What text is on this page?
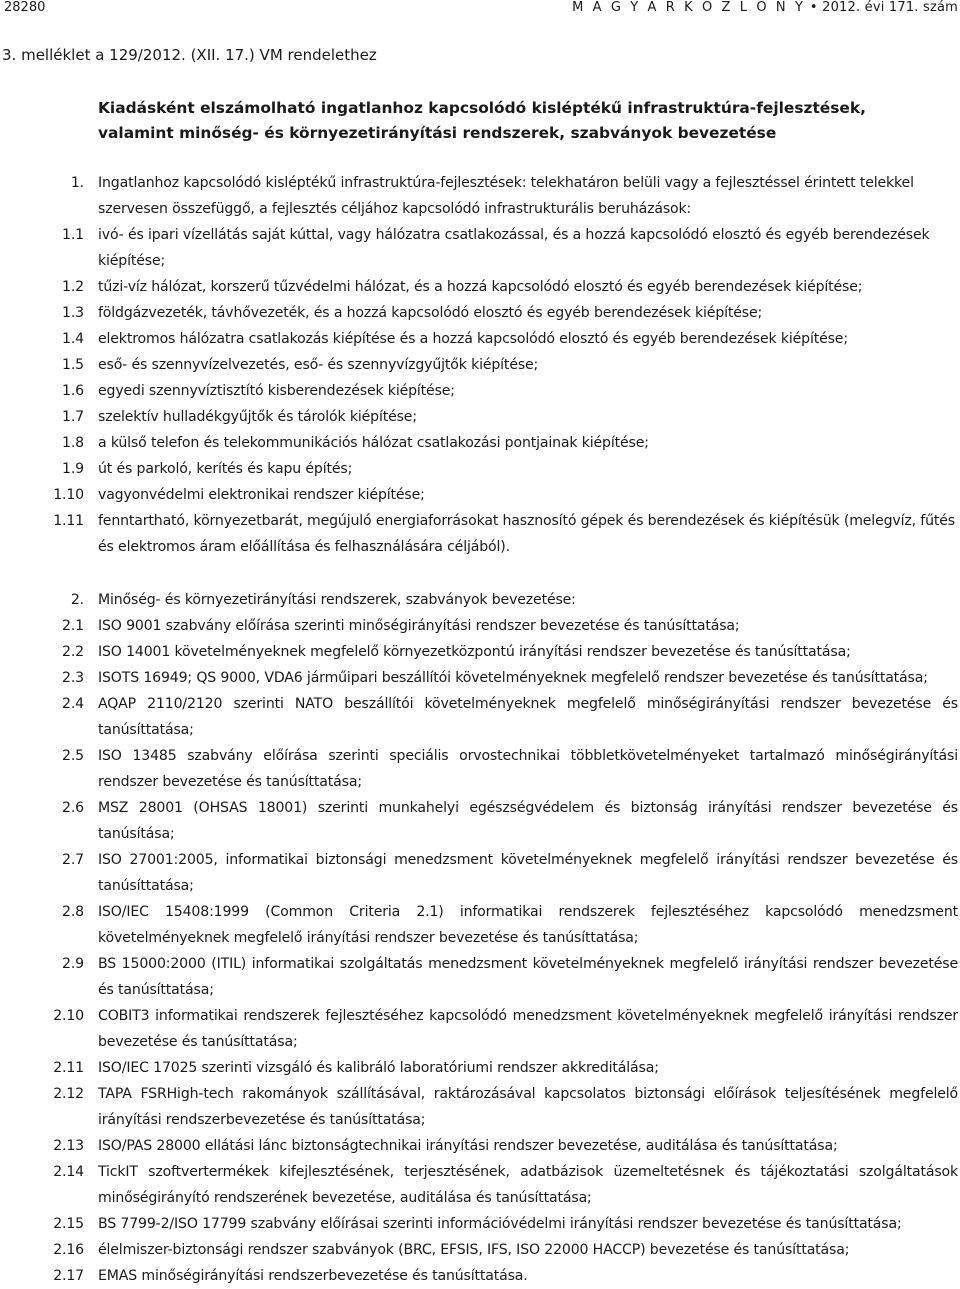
28280	M A G Y A R K Ö Z L Ö N Y • 2012. évi 171. szám
3. melléklet a 129/2012. (XII. 17.) VM rendelethez
Kiadásként elszámolható ingatlanhoz kapcsolódó kisléptékű infrastruktúra-fejlesztések, valamint minőség- és környezetirányítási rendszerek, szabványok bevezetése
1. Ingatlanhoz kapcsolódó kisléptékű infrastruktúra-fejlesztések: telekhatáron belüli vagy a fejlesztéssel érintett telekkel szervesen összefüggő, a fejlesztés céljához kapcsolódó infrastrukturális beruházások:
1.1 ivó- és ipari vízellátás saját kúttal, vagy hálózatra csatlakozással, és a hozzá kapcsolódó elosztó és egyéb berendezések kiépítése;
1.2 tűzi-víz hálózat, korszerű tűzvédelmi hálózat, és a hozzá kapcsolódó elosztó és egyéb berendezések kiépítése;
1.3 földgázvezeték, távhővezeték, és a hozzá kapcsolódó elosztó és egyéb berendezések kiépítése;
1.4 elektromos hálózatra csatlakozás kiépítése és a hozzá kapcsolódó elosztó és egyéb berendezések kiépítése;
1.5 eső- és szennyvízelvezetés, eső- és szennyvízgyűjtők kiépítése;
1.6 egyedi szennyvíztisztító kisberendezések kiépítése;
1.7 szelektív hulladékgyűjtők és tárolók kiépítése;
1.8 a külső telefon és telekommunikációs hálózat csatlakozási pontjainak kiépítése;
1.9 út és parkoló, kerítés és kapu építés;
1.10 vagyonvédelmi elektronikai rendszer kiépítése;
1.11 fenntartható, környezetbarát, megújuló energiaforrásokat hasznosító gépek és berendezések és kiépítésük (melegvíz, fűtés és elektromos áram előállítása és felhasználására céljából).
2. Minőség- és környezetirányítási rendszerek, szabványok bevezetése:
2.1 ISO 9001 szabvány előírása szerinti minőségirányítási rendszer bevezetése és tanúsíttatása;
2.2 ISO 14001 követelményeknek megfelelő környezetközpontú irányítási rendszer bevezetése és tanúsíttatása;
2.3 ISOTS 16949; QS 9000, VDA6 járműipari beszállítói követelményeknek megfelelő rendszer bevezetése és tanúsíttatása;
2.4 AQAP 2110/2120 szerinti NATO beszállítói követelményeknek megfelelő minőségirányítási rendszer bevezetése és tanúsíttatása;
2.5 ISO 13485 szabvány előírása szerinti speciális orvostechnikai többletkövetelményeket tartalmazó minőségirányítási rendszer bevezetése és tanúsíttatása;
2.6 MSZ 28001 (OHSAS 18001) szerinti munkahelyi egészségvédelem és biztonság irányítási rendszer bevezetése és tanúsítása;
2.7 ISO 27001:2005, informatikai biztonsági menedzsment követelményeknek megfelelő irányítási rendszer bevezetése és tanúsíttatása;
2.8 ISO/IEC 15408:1999 (Common Criteria 2.1) informatikai rendszerek fejlesztéséhez kapcsolódó menedzsment követelményeknek megfelelő irányítási rendszer bevezetése és tanúsíttatása;
2.9 BS 15000:2000 (ITIL) informatikai szolgáltatás menedzsment követelményeknek megfelelő irányítási rendszer bevezetése és tanúsíttatása;
2.10 COBIT3 informatikai rendszerek fejlesztéséhez kapcsolódó menedzsment követelményeknek megfelelő irányítási rendszer bevezetése és tanúsíttatása;
2.11 ISO/IEC 17025 szerinti vizsgáló és kalibráló laboratóriumi rendszer akkreditálása;
2.12 TAPA FSRHigh-tech rakományok szállításával, raktározásával kapcsolatos biztonsági előírások teljesítésének megfelelő irányítási rendszerbevezetése és tanúsíttatása;
2.13 ISO/PAS 28000 ellátási lánc biztonságtechnikai irányítási rendszer bevezetése, auditálása és tanúsíttatása;
2.14 TickIT szoftvertermékek kifejlesztésének, terjesztésének, adatbázisok üzemeltetésnek és tájékoztatási szolgáltatások minőségirányító rendszerének bevezetése, auditálása és tanúsíttatása;
2.15 BS 7799-2/ISO 17799 szabvány előírásai szerinti információvédelmi irányítási rendszer bevezetése és tanúsíttatása;
2.16 élelmiszer-biztonsági rendszer szabványok (BRC, EFSIS, IFS, ISO 22000 HACCP) bevezetése és tanúsíttatása;
2.17 EMAS minőségirányítási rendszerbevezetése és tanúsíttatása.
